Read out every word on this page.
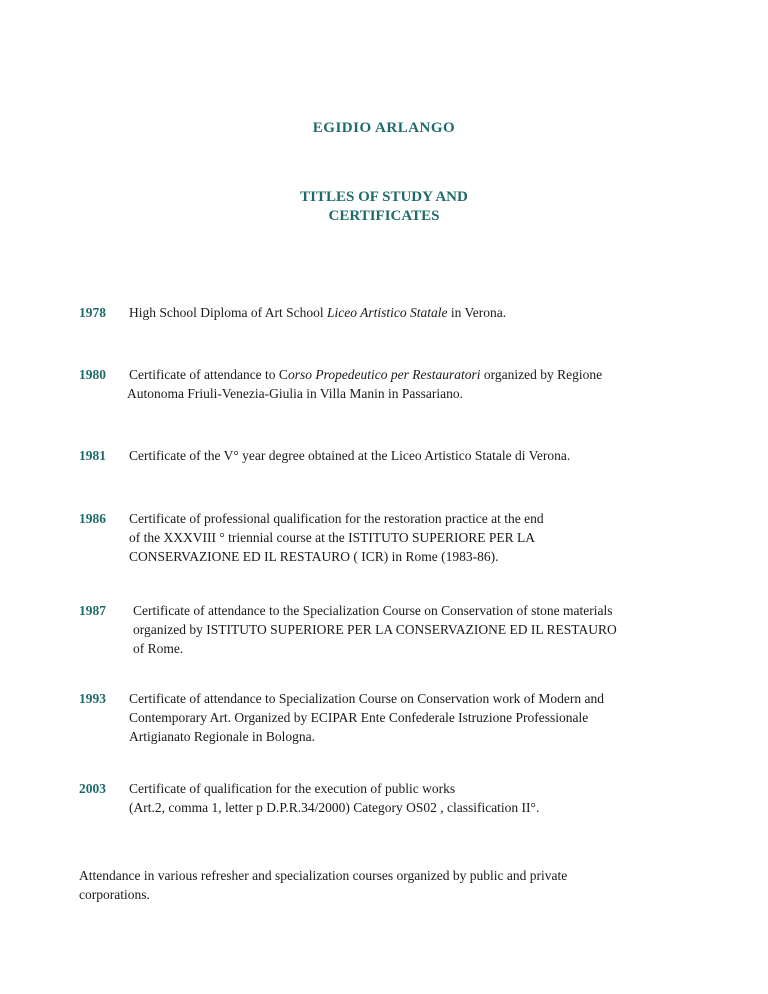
EGIDIO ARLANGO
TITLES OF STUDY AND
CERTIFICATES
1978 High School Diploma of Art School Liceo Artistico Statale in Verona.
1980 Certificate of attendance to Corso Propedeutico per Restauratori organized by Regione
Autonoma Friuli-Venezia-Giulia in Villa Manin in Passariano.
1981 Certificate of the V° year degree obtained at the Liceo Artistico Statale di Verona.
1986 Certificate of professional qualification for the restoration practice at the end
of the XXXVIII ° triennial course at the ISTITUTO SUPERIORE PER LA
CONSERVAZIONE ED IL RESTAURO ( ICR) in Rome (1983-86).
1987 Certificate of attendance to the Specialization Course on Conservation of stone materials
organized by ISTITUTO SUPERIORE PER LA CONSERVAZIONE ED IL RESTAURO
of Rome.
1993 Certificate of attendance to Specialization Course on Conservation work of Modern and
Contemporary Art. Organized by ECIPAR Ente Confederale Istruzione Professionale
Artigianato Regionale in Bologna.
2003 Certificate of qualification for the execution of public works
(Art.2, comma 1, letter p D.P.R.34/2000) Category OS02 , classification II°.
Attendance in various refresher and specialization courses organized by public and private
corporations.
